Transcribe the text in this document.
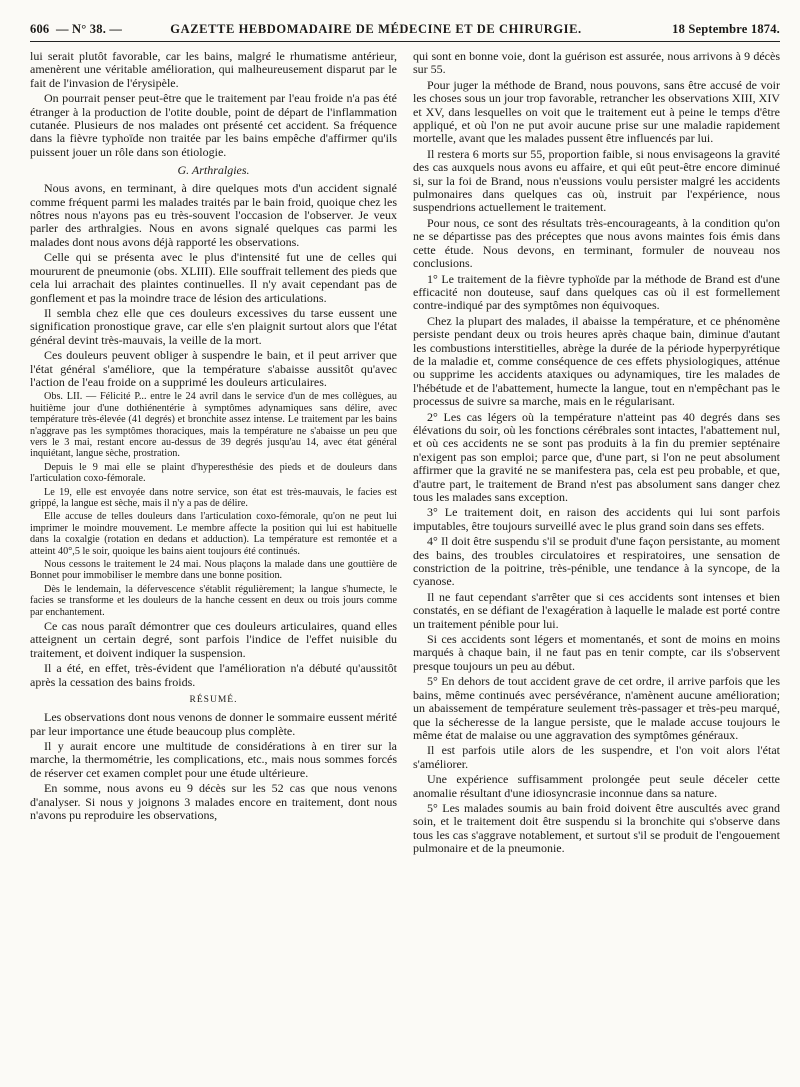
606 — N° 38. —	GAZETTE HEBDOMADAIRE DE MÉDECINE ET DE CHIRURGIE.	18 Septembre 1874.

lui serait plutôt favorable, car les bains, malgré le rhumatisme antérieur, amenèrent une véritable amélioration, qui malheureusement disparut par le fait de l'invasion de l'érysipèle.

On pourrait penser peut-être que le traitement par l'eau froide n'a pas été étranger à la production de l'otite double, point de départ de l'inflammation cutanée. Plusieurs de nos malades ont présenté cet accident. Sa fréquence dans la fièvre typhoïde non traitée par les bains empêche d'affirmer qu'ils puissent jouer un rôle dans son étiologie.

G. Arthralgies.

Nous avons, en terminant, à dire quelques mots d'un accident signalé comme fréquent parmi les malades traités par le bain froid, quoique chez les nôtres nous n'ayons pas eu très-souvent l'occasion de l'observer. Je veux parler des arthralgies. Nous en avons signalé quelques cas parmi les malades dont nous avons déjà rapporté les observations.

Celle qui se présenta avec le plus d'intensité fut une de celles qui moururent de pneumonie (obs. XLIII). Elle souffrait tellement des pieds que cela lui arrachait des plaintes continuelles. Il n'y avait cependant pas de gonflement et pas la moindre trace de lésion des articulations.

Il sembla chez elle que ces douleurs excessives du tarse eussent une signification pronostique grave, car elle s'en plaignit surtout alors que l'état général devint très-mauvais, la veille de la mort.

Ces douleurs peuvent obliger à suspendre le bain, et il peut arriver que l'état général s'améliore, que la température s'abaisse aussitôt qu'avec l'action de l'eau froide on a supprimé les douleurs articulaires.

Obs. LII. — Félicité P... entre le 24 avril dans le service d'un de mes collègues, au huitième jour d'une dothiénentérie à symptômes adynamiques sans délire, avec température très-élevée (41 degrés) et bronchite assez intense. Le traitement par les bains n'aggrave pas les symptômes thoraciques, mais la température ne s'abaisse un peu que vers le 3 mai, restant encore au-dessus de 39 degrés jusqu'au 14, avec état général inquiétant, langue sèche, prostration.

Depuis le 9 mai elle se plaint d'hyperesthésie des pieds et de douleurs dans l'articulation coxo-fémorale.

Le 19, elle est envoyée dans notre service, son état est très-mauvais, le facies est grippé, la langue est sèche, mais il n'y a pas de délire.

Elle accuse de telles douleurs dans l'articulation coxo-fémorale, qu'on ne peut lui imprimer le moindre mouvement. Le membre affecte la position qui lui est habituelle dans la coxalgie (rotation en dedans et adduction). La température est remontée et a atteint 40°,5 le soir, quoique les bains aient toujours été continués.

Nous cessons le traitement le 24 mai. Nous plaçons la malade dans une gouttière de Bonnet pour immobiliser le membre dans une bonne position.

Dès le lendemain, la défervescence s'établit régulièrement; la langue s'humecte, le facies se transforme et les douleurs de la hanche cessent en deux ou trois jours comme par enchantement.

Ce cas nous paraît démontrer que ces douleurs articulaires, quand elles atteignent un certain degré, sont parfois l'indice de l'effet nuisible du traitement, et doivent indiquer la suspension.

Il a été, en effet, très-évident que l'amélioration n'a débuté qu'aussitôt après la cessation des bains froids.

RÉSUMÉ.

Les observations dont nous venons de donner le sommaire eussent mérité par leur importance une étude beaucoup plus complète.

Il y aurait encore une multitude de considérations à en tirer sur la marche, la thermométrie, les complications, etc., mais nous sommes forcés de réserver cet examen complet pour une étude ultérieure.

En somme, nous avons eu 9 décès sur les 52 cas que nous venons d'analyser. Si nous y joignons 3 malades encore en traitement, dont nous n'avons pu reproduire les observations,

qui sont en bonne voie, dont la guérison est assurée, nous arrivons à 9 décès sur 55.

Pour juger la méthode de Brand, nous pouvons, sans être accusé de voir les choses sous un jour trop favorable, retrancher les observations XIII, XIV et XV, dans lesquelles on voit que le traitement eut à peine le temps d'être appliqué, et où l'on ne put avoir aucune prise sur une maladie rapidement mortelle, avant que les malades pussent être influencés par lui.

Il restera 6 morts sur 55, proportion faible, si nous envisageons la gravité des cas auxquels nous avons eu affaire, et qui eût peut-être encore diminué si, sur la foi de Brand, nous n'eussions voulu persister malgré les accidents pulmonaires dans quelques cas où, instruit par l'expérience, nous suspendrions actuellement le traitement.

Pour nous, ce sont des résultats très-encourageants, à la condition qu'on ne se départisse pas des préceptes que nous avons maintes fois émis dans cette étude. Nous devons, en terminant, formuler de nouveau nos conclusions.

1° Le traitement de la fièvre typhoïde par la méthode de Brand est d'une efficacité non douteuse, sauf dans quelques cas où il est formellement contre-indiqué par des symptômes non équivoques.

Chez la plupart des malades, il abaisse la température, et ce phénomène persiste pendant deux ou trois heures après chaque bain, diminue d'autant les combustions interstitielles, abrège la durée de la période hyperpyrétique de la maladie et, comme conséquence de ces effets physiologiques, atténue ou supprime les accidents ataxiques ou adynamiques, tire les malades de l'hébétude et de l'abattement, humecte la langue, tout en n'empêchant pas le processus de suivre sa marche, mais en le régularisant.

2° Les cas légers où la température n'atteint pas 40 degrés dans ses élévations du soir, où les fonctions cérébrales sont intactes, l'abattement nul, et où ces accidents ne se sont pas produits à la fin du premier septénaire n'exigent pas son emploi; parce que, d'une part, si l'on ne peut absolument affirmer que la gravité ne se manifestera pas, cela est peu probable, et que, d'autre part, le traitement de Brand n'est pas absolument sans danger chez tous les malades sans exception.

3° Le traitement doit, en raison des accidents qui lui sont parfois imputables, être toujours surveillé avec le plus grand soin dans ses effets.

4° Il doit être suspendu s'il se produit d'une façon persistante, au moment des bains, des troubles circulatoires et respiratoires, une sensation de constriction de la poitrine, très-pénible, une tendance à la syncope, de la cyanose.

Il ne faut cependant s'arrêter que si ces accidents sont intenses et bien constatés, en se défiant de l'exagération à laquelle le malade est porté contre un traitement pénible pour lui.

Si ces accidents sont légers et momentanés, et sont de moins en moins marqués à chaque bain, il ne faut pas en tenir compte, car ils s'observent presque toujours un peu au début.

5° En dehors de tout accident grave de cet ordre, il arrive parfois que les bains, même continués avec persévérance, n'amènent aucune amélioration; un abaissement de température seulement très-passager et très-peu marqué, que la sécheresse de la langue persiste, que le malade accuse toujours le même état de malaise ou une aggravation des symptômes généraux.

Il est parfois utile alors de les suspendre, et l'on voit alors l'état s'améliorer.

Une expérience suffisamment prolongée peut seule déceler cette anomalie résultant d'une idiosyncrasie inconnue dans sa nature.

5° Les malades soumis au bain froid doivent être auscultés avec grand soin, et le traitement doit être suspendu si la bronchite qui s'observe dans tous les cas s'aggrave notablement, et surtout s'il se produit de l'engouement pulmonaire et de la pneumonie.
